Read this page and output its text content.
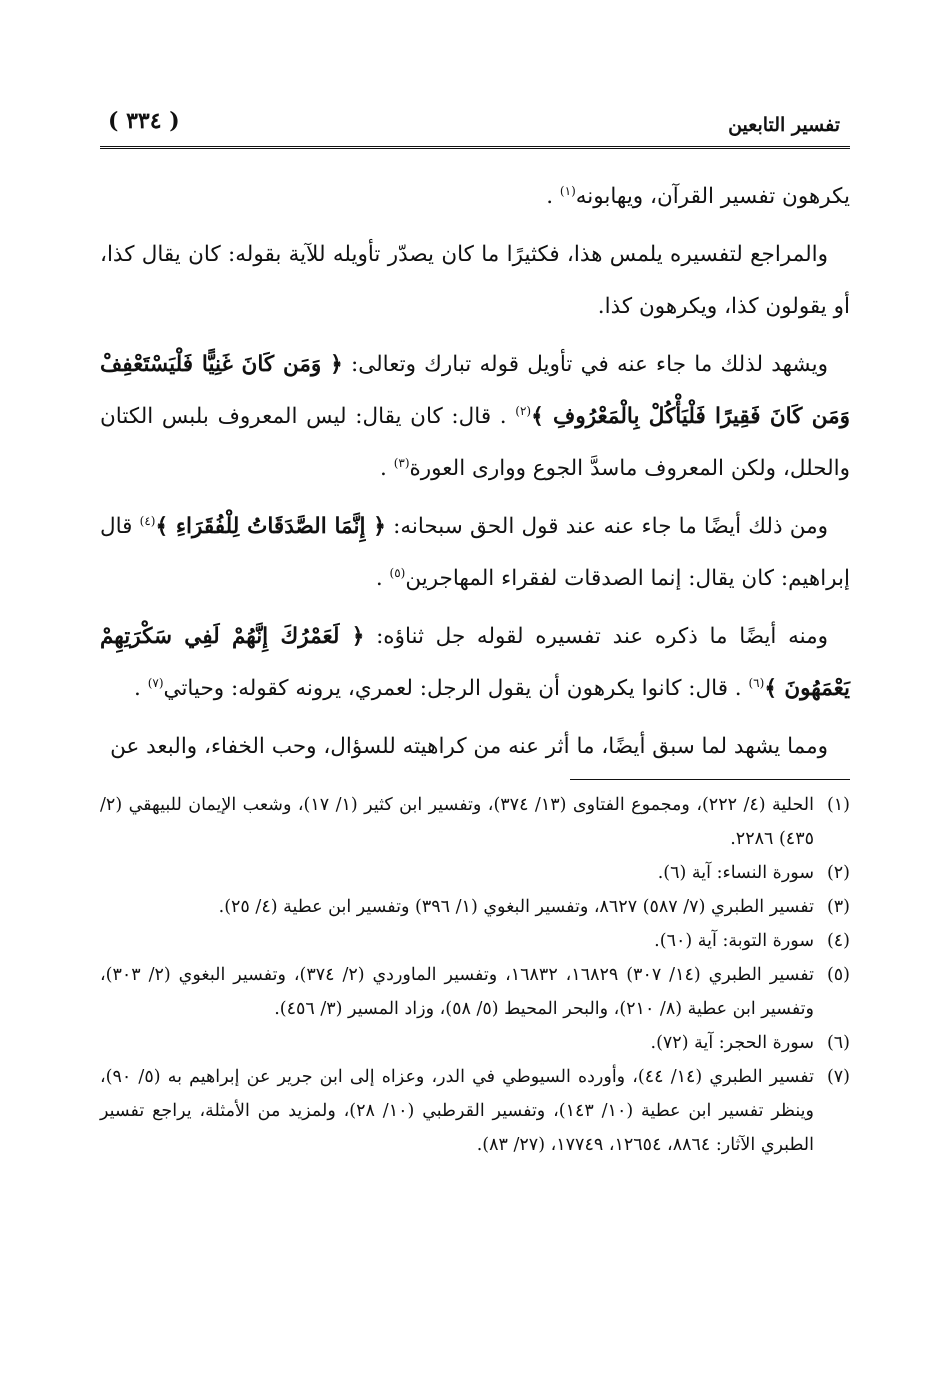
( ٣٣٤ )	تفسير التابعين

يكرهون تفسير القرآن، ويهابونه$^{(١)}$ .

والمراجع لتفسيره يلمس هذا، فكثيرًا ما كان يصدّر تأويله للآية بقوله: كان يقال كذا، أو يقولون كذا، ويكرهون كذا.

ويشهد لذلك ما جاء عنه في تأويل قوله تبارك وتعالى: ﴿ وَمَن كَانَ غَنِيًّا فَلْيَسْتَعْفِفْ وَمَن كَانَ فَقِيرًا فَلْيَأْكُلْ بِالْمَعْرُوفِ ﴾$^{(٢)}$ . قال: كان يقال: ليس المعروف بلبس الكتان والحلل، ولكن المعروف ماسدَّ الجوع ووارى العورة$^{(٣)}$ .

ومن ذلك أيضًا ما جاء عنه عند قول الحق سبحانه: ﴿ إِنَّمَا الصَّدَقَاتُ لِلْفُقَرَاءِ ﴾$^{(٤)}$ قال إبراهيم: كان يقال: إنما الصدقات لفقراء المهاجرين$^{(٥)}$ .

ومنه أيضًا ما ذكره عند تفسيره لقوله جل ثناؤه: ﴿ لَعَمْرُكَ إِنَّهُمْ لَفِي سَكْرَتِهِمْ يَعْمَهُونَ ﴾$^{(٦)}$ . قال: كانوا يكرهون أن يقول الرجل: لعمري، يرونه كقوله: وحياتي$^{(٧)}$ .

ومما يشهد لما سبق أيضًا، ما أثر عنه من كراهيته للسؤال، وحب الخفاء، والبعد عن

(١)
الحلية (٤/ ٢٢٢)، ومجموع الفتاوى (١٣/ ٣٧٤)، وتفسير ابن كثير (١/ ١٧)، وشعب الإيمان للبيهقي (٢/ ٤٣٥) ٢٢٨٦.
(٢)
سورة النساء: آية (٦).
(٣)
تفسير الطبري (٧/ ٥٨٧) ٨٦٢٧، وتفسير البغوي (١/ ٣٩٦) وتفسير ابن عطية (٤/ ٢٥).
(٤)
سورة التوبة: آية (٦٠).
(٥)
تفسير الطبري (١٤/ ٣٠٧) ١٦٨٢٩، ١٦٨٣٢، وتفسير الماوردي (٢/ ٣٧٤)، وتفسير البغوي (٢/ ٣٠٣)، وتفسير ابن عطية (٨/ ٢١٠)، والبحر المحيط (٥/ ٥٨)، وزاد المسير (٣/ ٤٥٦).
(٦)
سورة الحجر: آية (٧٢).
(٧)
تفسير الطبري (١٤/ ٤٤)، وأورده السيوطي في الدر، وعزاه إلى ابن جرير عن إبراهيم به (٥/ ٩٠)، وينظر تفسير ابن عطية (١٠/ ١٤٣)، وتفسير القرطبي (١٠/ ٢٨)، ولمزيد من الأمثلة، يراجع تفسير الطبري الآثار: ٨٨٦٤، ١٢٦٥٤، ١٧٧٤٩، (٢٧/ ٨٣).
